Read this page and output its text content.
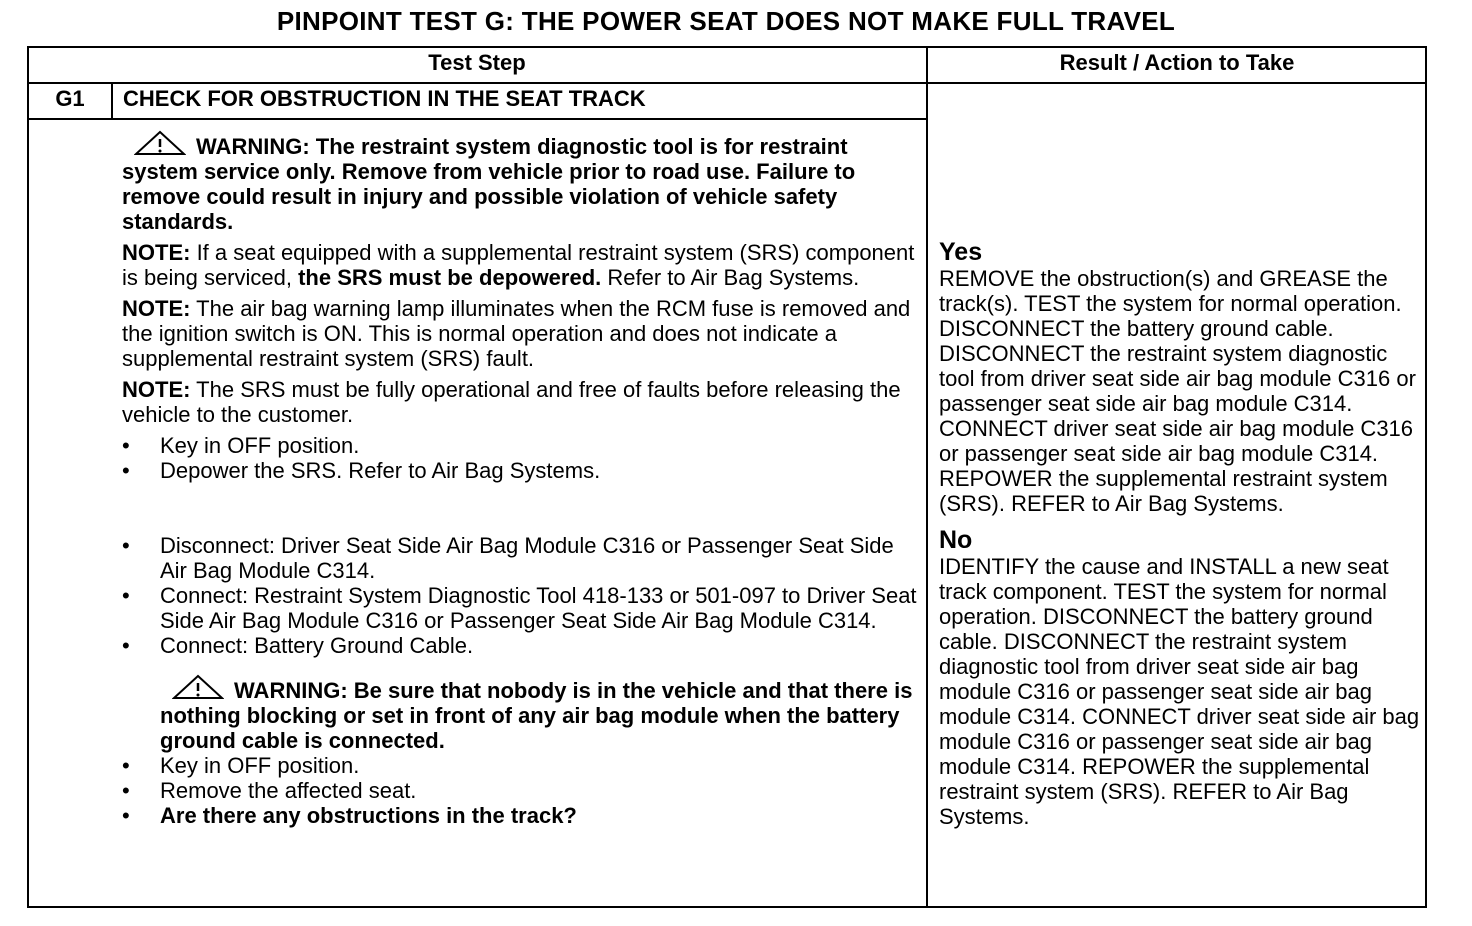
PINPOINT TEST G: THE POWER SEAT DOES NOT MAKE FULL TRAVEL
Test Step	Result / Action to Take
G1	CHECK FOR OBSTRUCTION IN THE SEAT TRACK

WARNING: The restraint system diagnostic tool is for restraint system service only. Remove from vehicle prior to road use. Failure to remove could result in injury and possible violation of vehicle safety standards.

NOTE: If a seat equipped with a supplemental restraint system (SRS) component is being serviced, the SRS must be depowered. Refer to Air Bag Systems.

NOTE: The air bag warning lamp illuminates when the RCM fuse is removed and the ignition switch is ON. This is normal operation and does not indicate a supplemental restraint system (SRS) fault.

NOTE: The SRS must be fully operational and free of faults before releasing the vehicle to the customer.

• Key in OFF position.
• Depower the SRS. Refer to Air Bag Systems.
• Disconnect: Driver Seat Side Air Bag Module C316 or Passenger Seat Side Air Bag Module C314.
• Connect: Restraint System Diagnostic Tool 418-133 or 501-097 to Driver Seat Side Air Bag Module C316 or Passenger Seat Side Air Bag Module C314.
• Connect: Battery Ground Cable.

WARNING: Be sure that nobody is in the vehicle and that there is nothing blocking or set in front of any air bag module when the battery ground cable is connected.

• Key in OFF position.
• Remove the affected seat.
• Are there any obstructions in the track?

Yes

REMOVE the obstruction(s) and GREASE the track(s). TEST the system for normal operation. DISCONNECT the battery ground cable. DISCONNECT the restraint system diagnostic tool from driver seat side air bag module C316 or passenger seat side air bag module C314. CONNECT driver seat side air bag module C316 or passenger seat side air bag module C314. REPOWER the supplemental restraint system (SRS). REFER to Air Bag Systems.

No

IDENTIFY the cause and INSTALL a new seat track component. TEST the system for normal operation. DISCONNECT the battery ground cable. DISCONNECT the restraint system diagnostic tool from driver seat side air bag module C316 or passenger seat side air bag module C314. CONNECT driver seat side air bag module C316 or passenger seat side air bag module C314. REPOWER the supplemental restraint system (SRS). REFER to Air Bag Systems.
